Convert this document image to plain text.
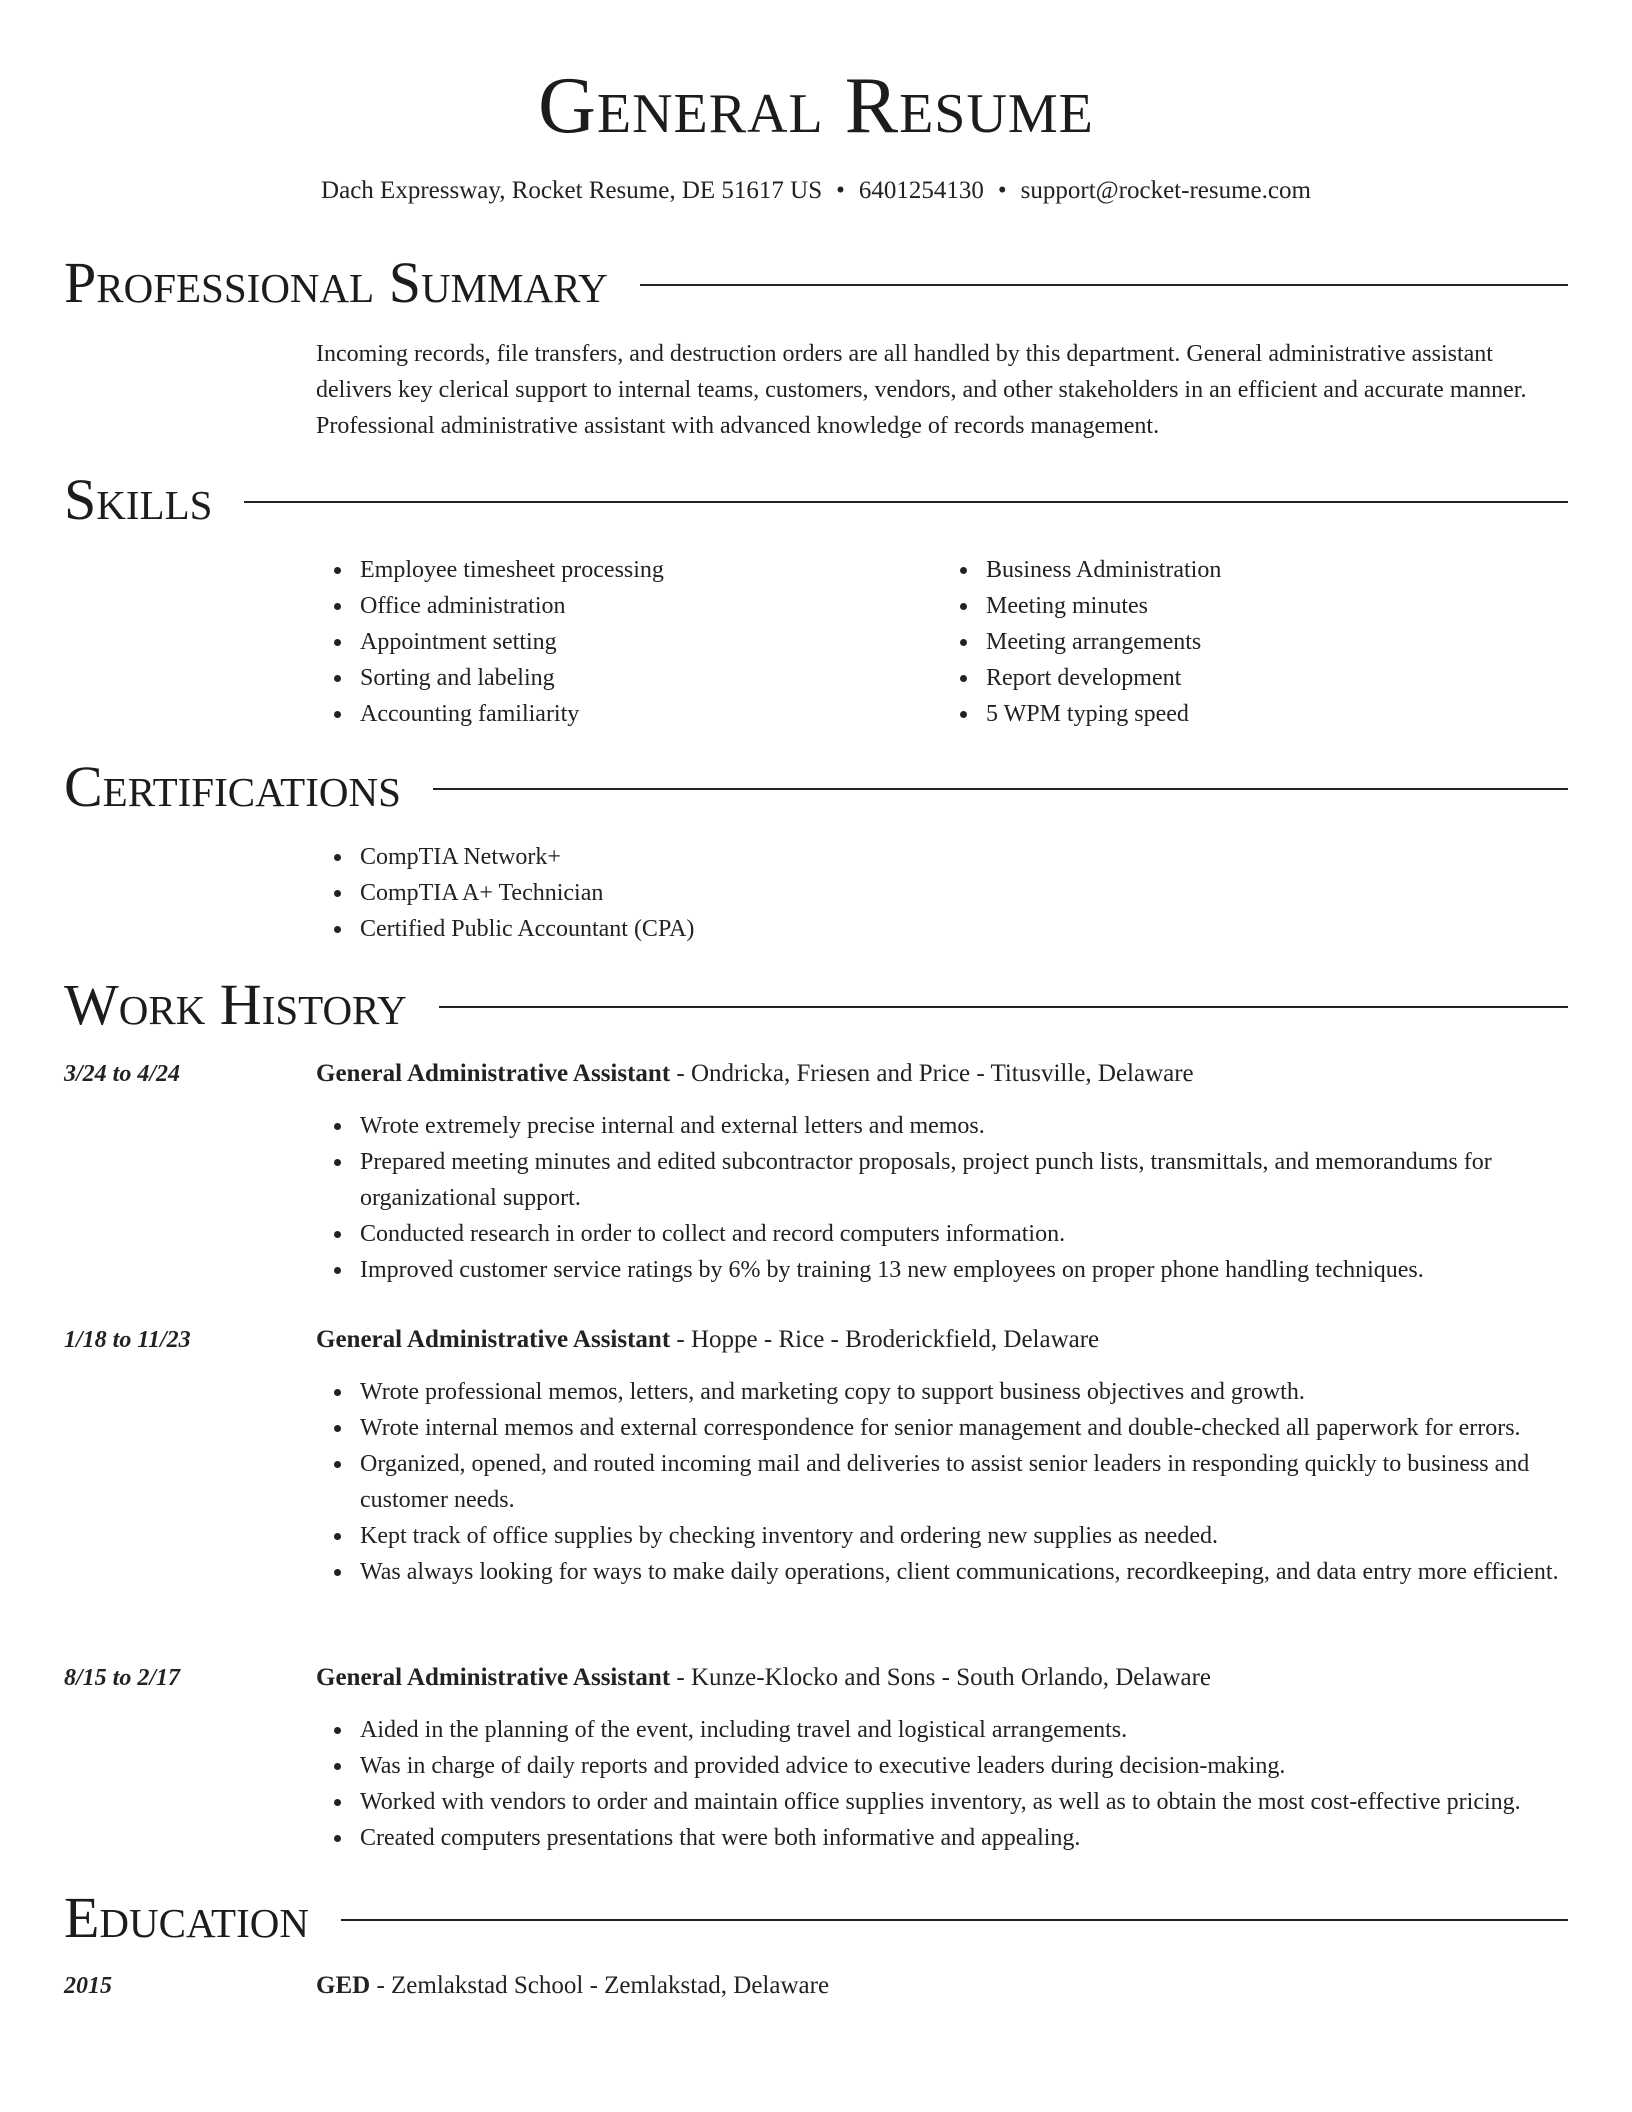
General Resume
Dach Expressway, Rocket Resume, DE 51617 US • 6401254130 • support@rocket-resume.com
Professional Summary

Incoming records, file transfers, and destruction orders are all handled by this department. General administrative assistant delivers key clerical support to internal teams, customers, vendors, and other stakeholders in an efficient and accurate manner. Professional administrative assistant with advanced knowledge of records management.

Skills
Employee timesheet processing
Office administration
Appointment setting
Sorting and labeling
Accounting familiarity
Business Administration
Meeting minutes
Meeting arrangements
Report development
5 WPM typing speed
Certifications
CompTIA Network+
CompTIA A+ Technician
Certified Public Accountant (CPA)
Work History
3/24 to 4/24	General Administrative Assistant - Ondricka, Friesen and Price - Titusville, Delaware
Wrote extremely precise internal and external letters and memos.
Prepared meeting minutes and edited subcontractor proposals, project punch lists, transmittals, and memorandums for organizational support.
Conducted research in order to collect and record computers information.
Improved customer service ratings by 6% by training 13 new employees on proper phone handling techniques.
1/18 to 11/23	General Administrative Assistant - Hoppe - Rice - Broderickfield, Delaware
Wrote professional memos, letters, and marketing copy to support business objectives and growth.
Wrote internal memos and external correspondence for senior management and double-checked all paperwork for errors.
Organized, opened, and routed incoming mail and deliveries to assist senior leaders in responding quickly to business and customer needs.
Kept track of office supplies by checking inventory and ordering new supplies as needed.
Was always looking for ways to make daily operations, client communications, recordkeeping, and data entry more efficient.
8/15 to 2/17	General Administrative Assistant - Kunze-Klocko and Sons - South Orlando, Delaware
Aided in the planning of the event, including travel and logistical arrangements.
Was in charge of daily reports and provided advice to executive leaders during decision-making.
Worked with vendors to order and maintain office supplies inventory, as well as to obtain the most cost-effective pricing.
Created computers presentations that were both informative and appealing.
Education
2015	GED - Zemlakstad School - Zemlakstad, Delaware
